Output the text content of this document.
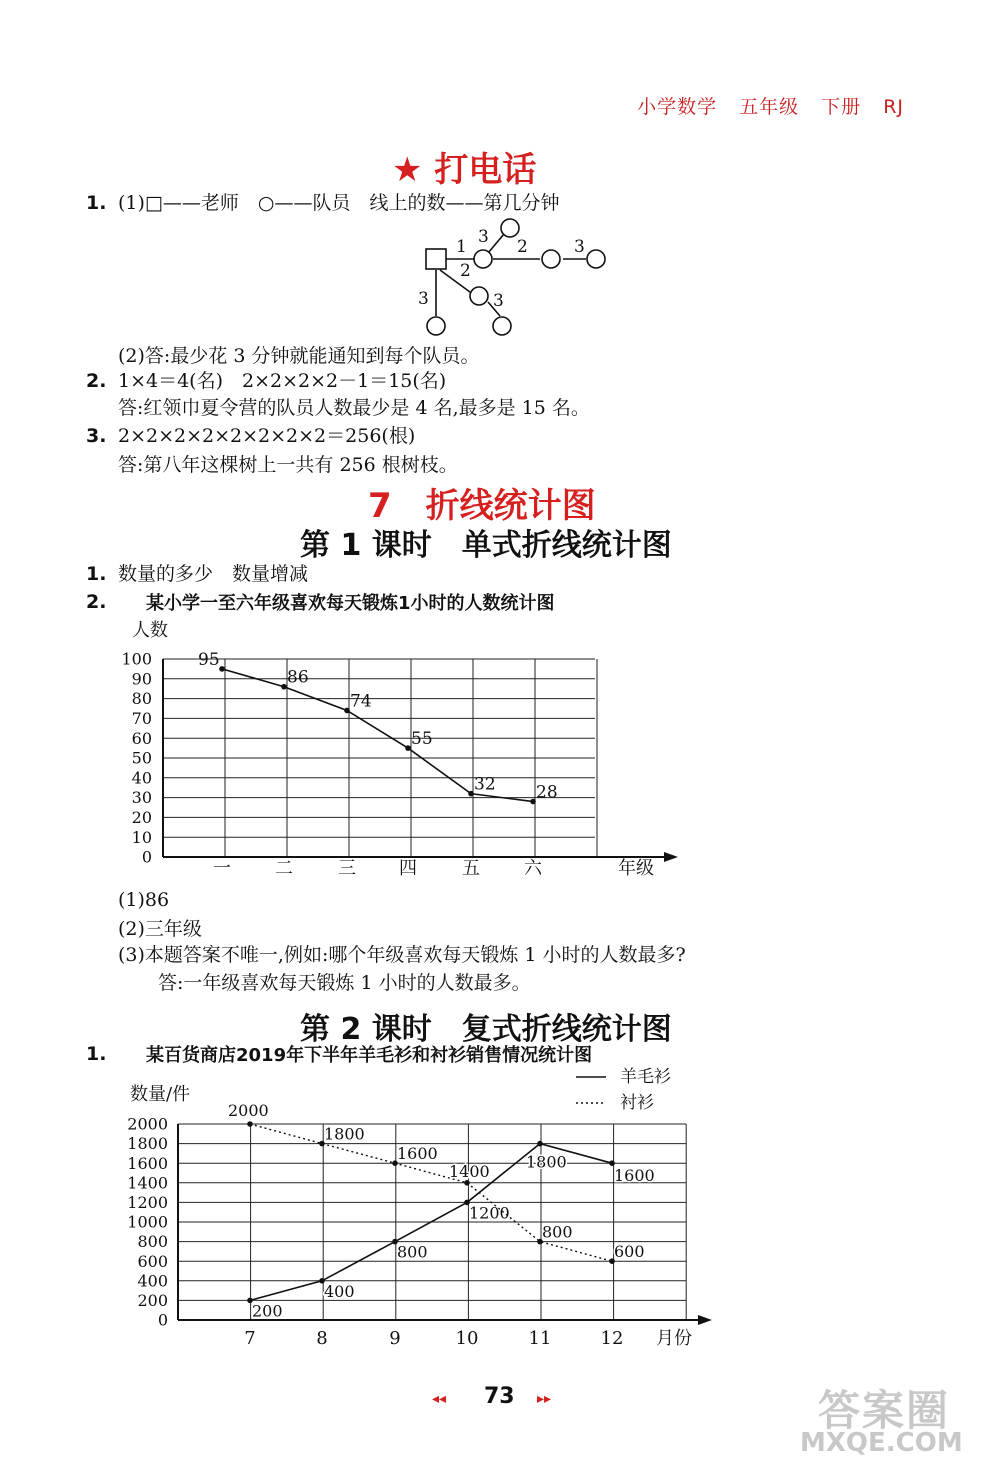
小学数学 五年级 下册 RJ
★ 打电话
1. (1)□——老师　○——队员　线上的数——第几分钟
1 3 2	3
2
3
3
(2)答:最少花 3 分钟就能通知到每个队员。
2. 1×4＝4(名)　2×2×2×2－1＝15(名)
答:红领巾夏令营的队员人数最少是 4 名,最多是 15 名。
3. 2×2×2×2×2×2×2×2＝256(根)
答:第八年这棵树上一共有 256 根树枝。
7　折线统计图
第 1 课时　单式折线统计图
1. 数量的多少　数量增减
2. 某小学一至六年级喜欢每天锻炼1小时的人数统计图
0
10
20
30
40
50
60
70
80
90
100
人数
年级
一 二	三 四	五 六
95
86
74
55
32 28
(1)86
(2)三年级
(3)本题答案不唯一,例如:哪个年级喜欢每天锻炼 1 小时的人数最多?
答:一年级喜欢每天锻炼 1 小时的人数最多。
第 2 课时　复式折线统计图
1. 某百货商店2019年下半年羊毛衫和衬衫销售情况统计图
0
200
400
600
800
1000
1200
1400
1600
1800
2000
数量/件
月份
7	8	9	10	11	12
200
400
800
1200
1800
1600
2000
1800
1600
1400
800
600
羊毛衫
衬衫
◂◂ 73 ▸▸	答案圈
MXQE.COM
